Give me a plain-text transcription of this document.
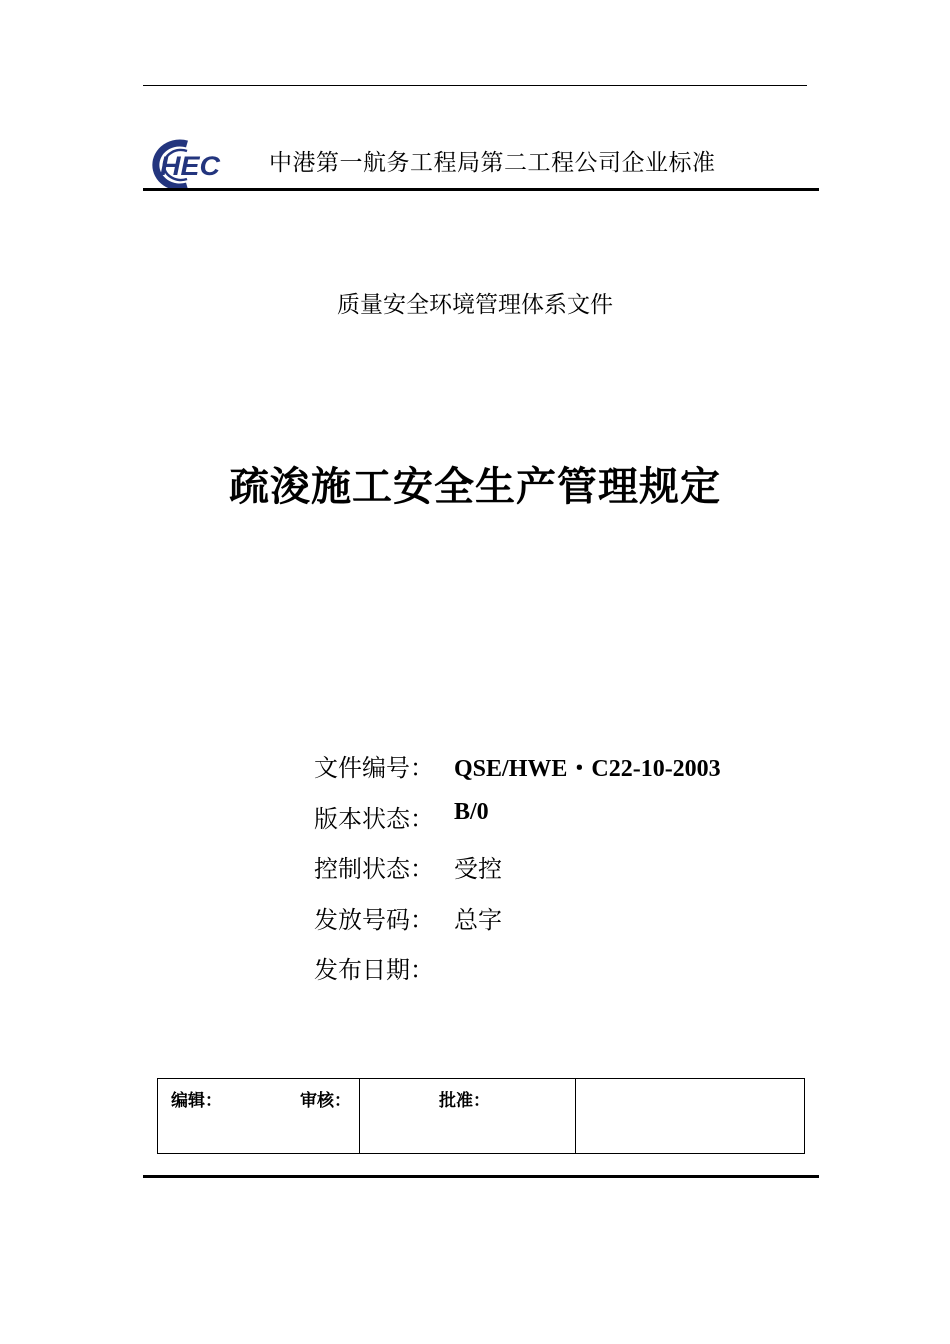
HEC 中港第一航务工程局第二工程公司企业标准
质量安全环境管理体系文件
疏浚施工安全生产管理规定
文件编号： QSE/HWE・C22-10-2003
版本状态： B/0
控制状态： 受控
发放号码： 总字
发布日期：
编辑：	审核：	批准：
